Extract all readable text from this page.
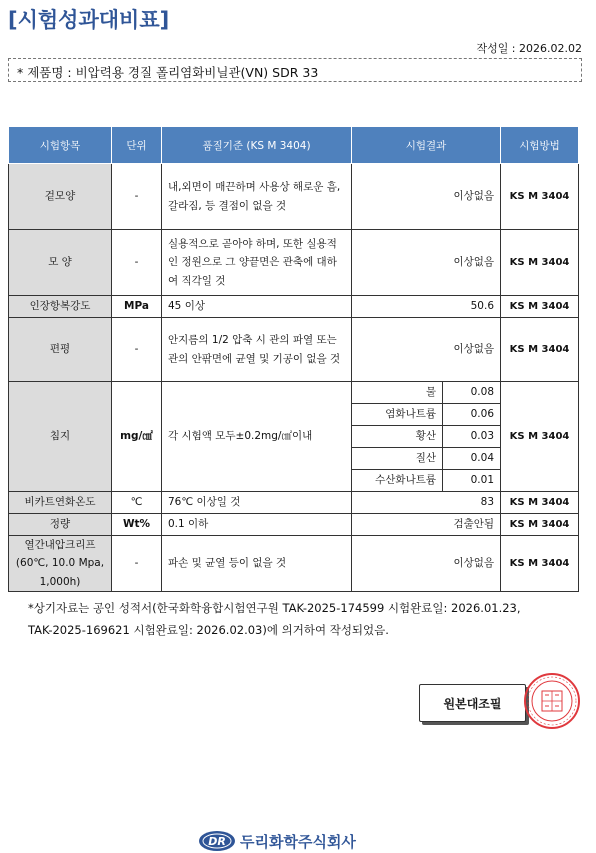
[시험성과대비표]
작성일 : 2026.02.02
* 제품명 : 비압력용 경질 폴리염화비닐관(VN) SDR 33
시험항목	단위	품질기준 (KS M 3404)	시험결과		시험방법
겉모양	-	내,외면이 매끈하며 사용상 해로운 흠, 갈라짐, 등 결점이 없을 것	이상없음		KS M 3404
모 양	-	실용적으로 곧아야 하며, 또한 실용적인 정원으로 그 양끝면은 관축에 대하여 직각일 것	이상없음		KS M 3404
인장항복강도	MPa	45 이상	50.6		KS M 3404
편평	-	안지름의 1/2 압축 시 관의 파열 또는 관의 안팎면에 균열 및 기공이 없을 것	이상없음		KS M 3404
침지	mg/㎠	각 시험액 모두±0.2mg/㎠이내	물	0.08	KS M 3404
			염화나트륨	0.06	
			황산	0.03	
			질산	0.04	
			수산화나트륨	0.01	
비카트연화온도	℃	76℃ 이상일 것	83		KS M 3404
정량	Wt%	0.1 이하	검출안됨		KS M 3404
열간내압크리프 (60℃, 10.0 Mpa, 1,000h)	-	파손 및 균열 등이 없을 것	이상없음		KS M 3404
*상기자료는 공인 성적서(한국화학융합시험연구원 TAK-2025-174599 시험완료일: 2026.01.23,
TAK-2025-169621 시험완료일: 2026.02.03)에 의거하여 작성되었음.
원본대조필
DR 두리화학주식회사
